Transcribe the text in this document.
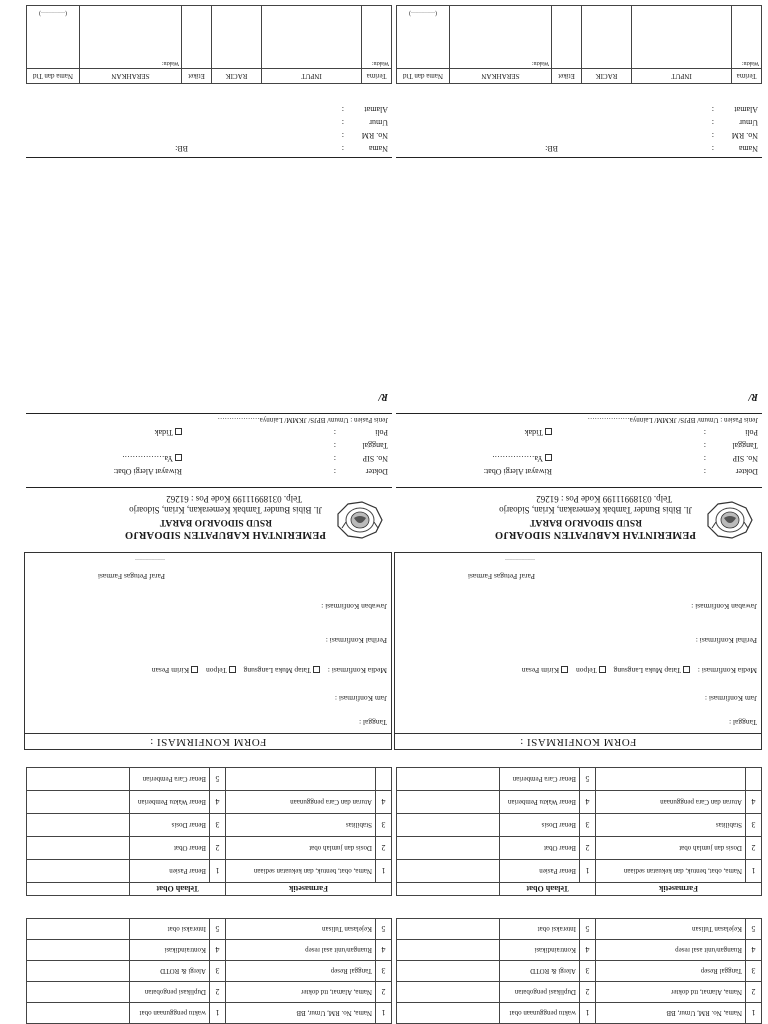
1	Nama, No. RM, Umur, BB	1	waktu penggunaan obat	
2	Nama, Alamat, ttd dokter	2	Duplikasi pengobatan	
3	Tanggal Resep	3	Alergi & ROTD	
4	Ruangan/unit asal resep	4	Kontraindikasi	
5	Kejelasan Tulisan	5	Interaksi obat	
Farmasetik		Telaah Obat		
1	Nama, obat, bentuk, dan kekuatan sediaan	1	Benar Pasien	
2	Dosis dan jumlah obat	2	Benar Obat	
3	Stabilitas	3	Benar Dosis	
4	Aturan dan Cara penggunaan	4	Benar Waktu Pemberian	
		5	Benar Cara Pemberian	
FORM KONFIRMASI :
Tanggal :
Jam Konfirmasi :
Media Konfirmasi : Tatap Muka Langsung Telpon Kirim Pesan
Perihal Konfirmasi :
Jawaban Konfirmasi :
Paraf Petugas Farmasi
……………
PEMERINTAH KABUPATEN SIDOARJO
RSUD SIDOARJO BARAT
Jl. Bibis Bunder Tambak Kemerakan, Krian, Sidoarjo
Telp. 03189911199 Kode Pos : 61262
Dokter
:
Riwayat Alergi Obat:
No. SIP
:
Ya…………….
Tanggal
:
Poli
:
Tidak
Jenis Pasien : Umum/ BPJS/ JKMM/ Lainnya………………
R/
Nama
:
BB:
No. RM
:
Umur
:
Alamat
:
Terima	INPUT	RACIK	Etiket	SERAHKAN	Nama dan Ttd

Waktu:				Waktu:	(…………)
1	Nama, No. RM, Umur, BB	1	waktu penggunaan obat	
2	Nama, Alamat, ttd dokter	2	Duplikasi pengobatan	
3	Tanggal Resep	3	Alergi & ROTD	
4	Ruangan/unit asal resep	4	Kontraindikasi	
5	Kejelasan Tulisan	5	Interaksi obat	
Farmasetik		Telaah Obat		
1	Nama, obat, bentuk, dan kekuatan sediaan	1	Benar Pasien	
2	Dosis dan jumlah obat	2	Benar Obat	
3	Stabilitas	3	Benar Dosis	
4	Aturan dan Cara penggunaan	4	Benar Waktu Pemberian	
		5	Benar Cara Pemberian	
FORM KONFIRMASI :
Tanggal :
Jam Konfirmasi :
Media Konfirmasi : Tatap Muka Langsung Telpon Kirim Pesan
Perihal Konfirmasi :
Jawaban Konfirmasi :
Paraf Petugas Farmasi
……………
PEMERINTAH KABUPATEN SIDOARJO
RSUD SIDOARJO BARAT
Jl. Bibis Bunder Tambak Kemerakan, Krian, Sidoarjo
Telp. 03189911199 Kode Pos : 61262
Dokter
:
Riwayat Alergi Obat:
No. SIP
:
Ya…………….
Tanggal
:
Poli
:
Tidak
Jenis Pasien : Umum/ BPJS/ JKMM/ Lainnya………………
R/
Nama
:
BB:
No. RM
:
Umur
:
Alamat
:
Terima	INPUT	RACIK	Etiket	SERAHKAN	Nama dan Ttd

Waktu:				Waktu:	(…………)
